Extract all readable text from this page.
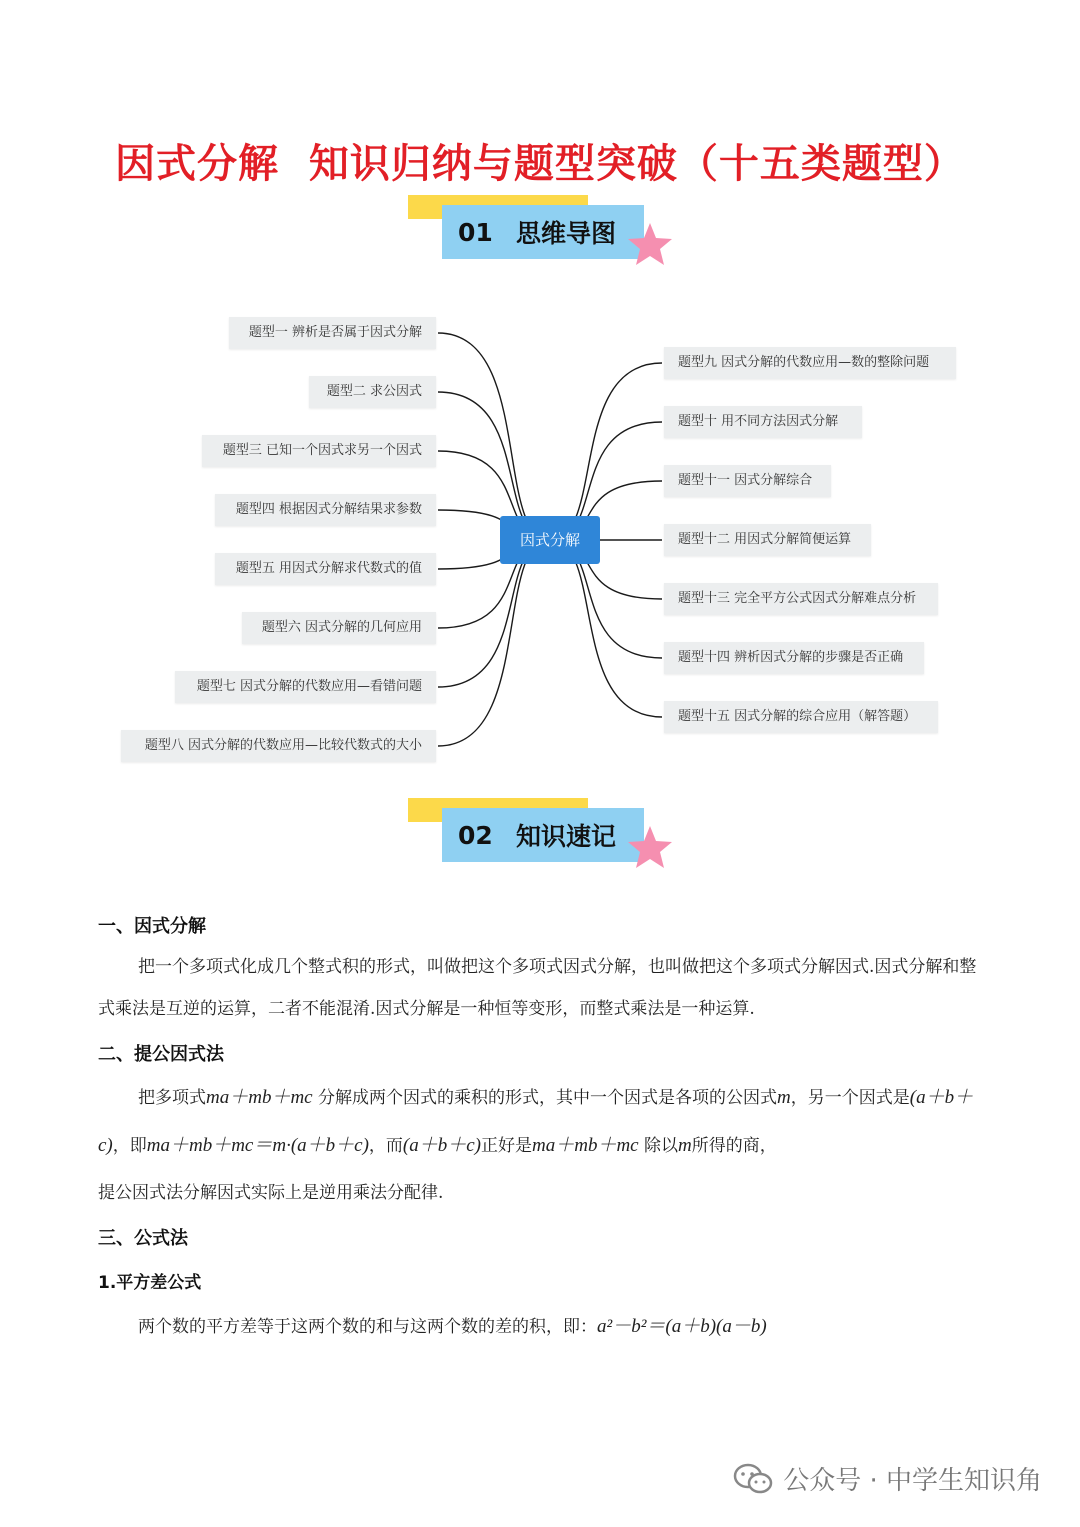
因式分解  知识归纳与题型突破（十五类题型）
01 思维导图
因式分解
题型一 辨析是否属于因式分解
题型二 求公因式
题型三 已知一个因式求另一个因式
题型四 根据因式分解结果求参数
题型五 用因式分解求代数式的值
题型六 因式分解的几何应用
题型七 因式分解的代数应用—看错问题
题型八 因式分解的代数应用—比较代数式的大小
题型九 因式分解的代数应用—数的整除问题
题型十 用不同方法因式分解
题型十一 因式分解综合
题型十二 用因式分解简便运算
题型十三 完全平方公式因式分解难点分析
题型十四 辨析因式分解的步骤是否正确
题型十五 因式分解的综合应用（解答题）
02 知识速记
一、因式分解
把一个多项式化成几个整式积的形式，叫做把这个多项式因式分解，也叫做把这个多项式分解因式.因式分解和整式乘法是互逆的运算，二者不能混淆.因式分解是一种恒等变形，而整式乘法是一种运算.
二、提公因式法
把多项式ma＋mb＋mc 分解成两个因式的乘积的形式，其中一个因式是各项的公因式m，另一个因式是(a＋b＋c)，即ma＋mb＋mc＝m·(a＋b＋c)，而(a＋b＋c)正好是ma＋mb＋mc 除以m所得的商，
提公因式法分解因式实际上是逆用乘法分配律.
三、公式法
1.平方差公式
两个数的平方差等于这两个数的和与这两个数的差的积，即：a²－b²＝(a＋b)(a－b)
公众号 · 中学生知识角
